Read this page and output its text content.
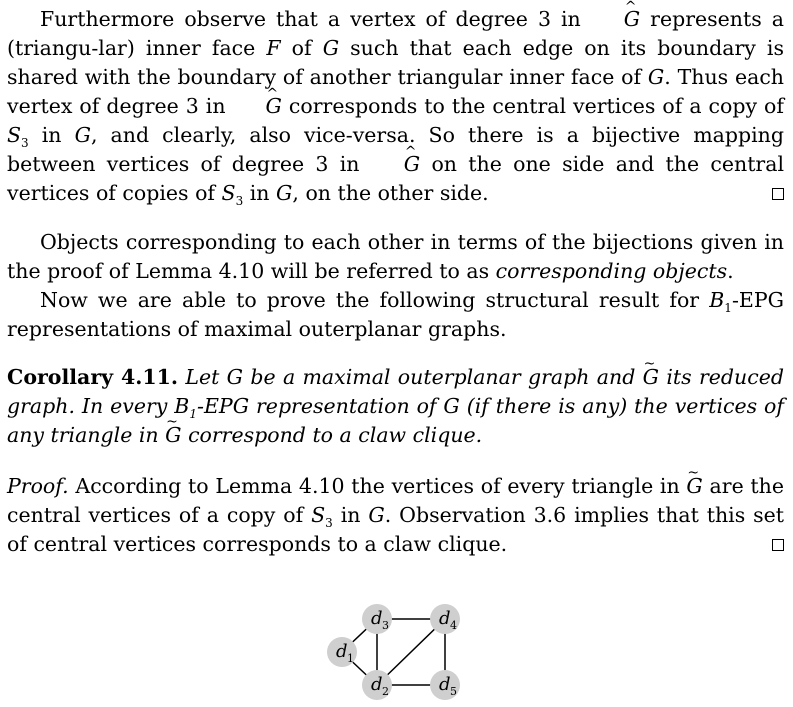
Furthermore observe that a vertex of degree 3 in ^ G represents a (triangu-lar) inner face F of G such that each edge on its boundary is shared with the boundary of another triangular inner face of G. Thus each vertex of degree 3 in ^ G corresponds to the central vertices of a copy of $S_3$ in G, and clearly, also vice-versa. So there is a bijective mapping between vertices of degree 3 in ^ G on the one side and the central vertices of copies of $S_3$ in G, on the other side.

Objects corresponding to each other in terms of the bijections given in the proof of Lemma 4.10 will be referred to as corresponding objects.

Now we are able to prove the following structural result for $B_1$-EPG representations of maximal outerplanar graphs.

Corollary 4.11. Let G be a maximal outerplanar graph and ~ G its reduced graph. In every $B_1$-EPG representation of G (if there is any) the vertices of any triangle in ~ G correspond to a claw clique.

Proof. According to Lemma 4.10 the vertices of every triangle in ~ G are the central vertices of a copy of $S_3$ in G. Observation 3.6 implies that this set of central vertices corresponds to a claw clique.

d 1
d 3	d 4
d 2	d 5
